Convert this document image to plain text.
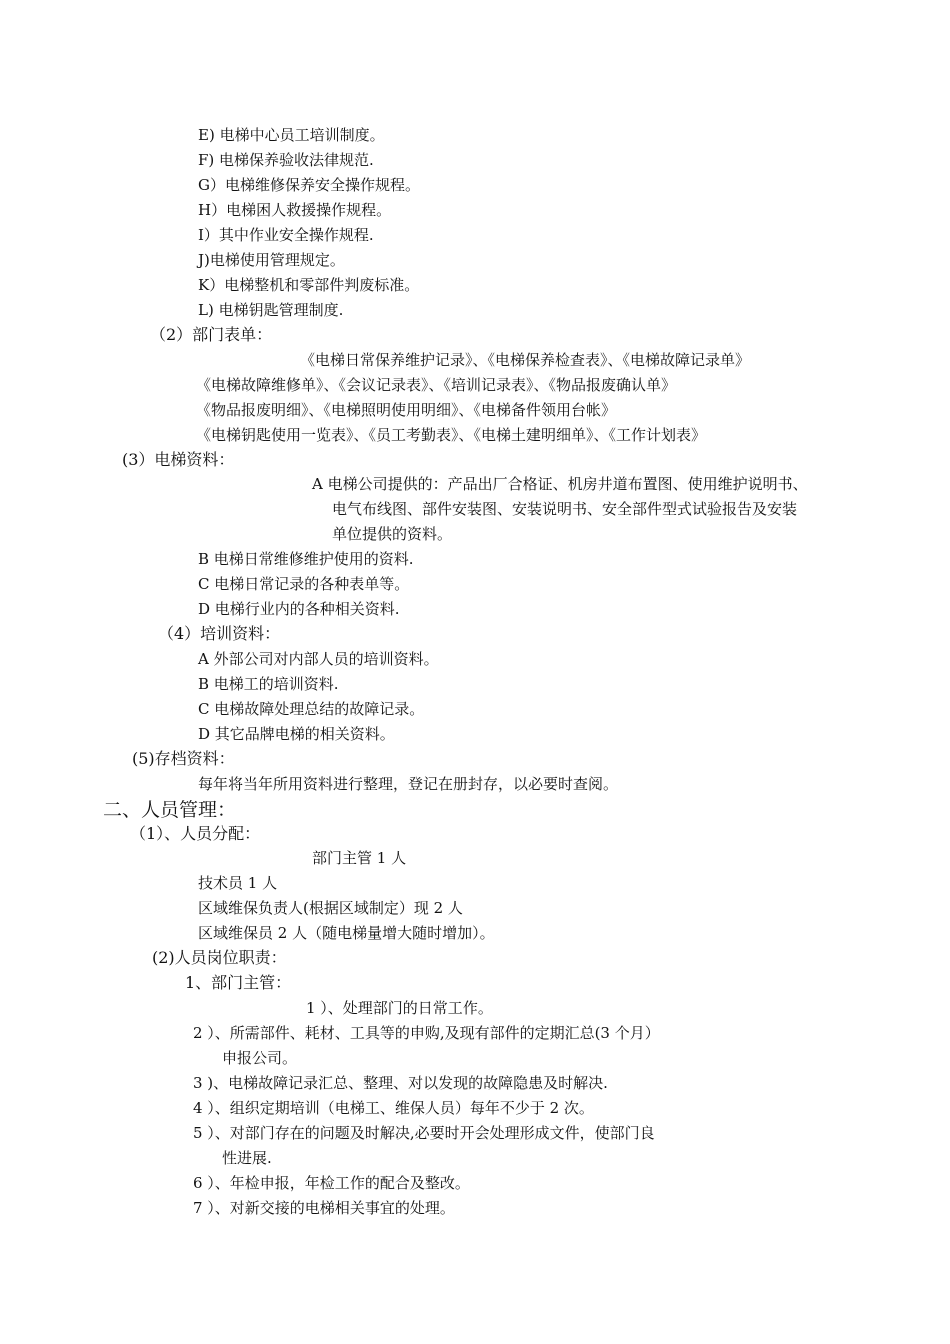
E) 电梯中心员工培训制度。
F) 电梯保养验收法律规范.
G）电梯维修保养安全操作规程。
H）电梯困人救援操作规程。
I）其中作业安全操作规程.
J)电梯使用管理规定。
K）电梯整机和零部件判废标准。
L) 电梯钥匙管理制度.
（2）部门表单：
《电梯日常保养维护记录》、《电梯保养检查表》、《电梯故障记录单》
《电梯故障维修单》、《会议记录表》、《培训记录表》、《物品报废确认单》
《物品报废明细》、《电梯照明使用明细》、《电梯备件领用台帐》
《电梯钥匙使用一览表》、《员工考勤表》、《电梯土建明细单》、《工作计划表》
(3）电梯资料：
A 电梯公司提供的：产品出厂合格证、机房井道布置图、使用维护说明书、
电气布线图、部件安装图、安装说明书、安全部件型式试验报告及安装
单位提供的资料。
B 电梯日常维修维护使用的资料.
C 电梯日常记录的各种表单等。
D 电梯行业内的各种相关资料.
（4）培训资料：
A 外部公司对内部人员的培训资料。
B 电梯工的培训资料.
C 电梯故障处理总结的故障记录。
D 其它品牌电梯的相关资料。
(5)存档资料：
每年将当年所用资料进行整理，登记在册封存，以必要时查阅。
二、人员管理：
（1）、人员分配：
部门主管 1 人
技术员 1 人
区域维保负责人(根据区域制定）现 2 人
区域维保员 2 人（随电梯量增大随时增加）。
(2)人员岗位职责：
1、部门主管：
1 ）、处理部门的日常工作。
2 ）、所需部件、耗材、工具等的申购,及现有部件的定期汇总(3 个月）
申报公司。
3 )、电梯故障记录汇总、整理、对以发现的故障隐患及时解决.
4 ）、组织定期培训（电梯工、维保人员）每年不少于 2 次。
5 ）、对部门存在的问题及时解决,必要时开会处理形成文件，使部门良
性进展.
6 ）、年检申报，年检工作的配合及整改。
7 ）、对新交接的电梯相关事宜的处理。
